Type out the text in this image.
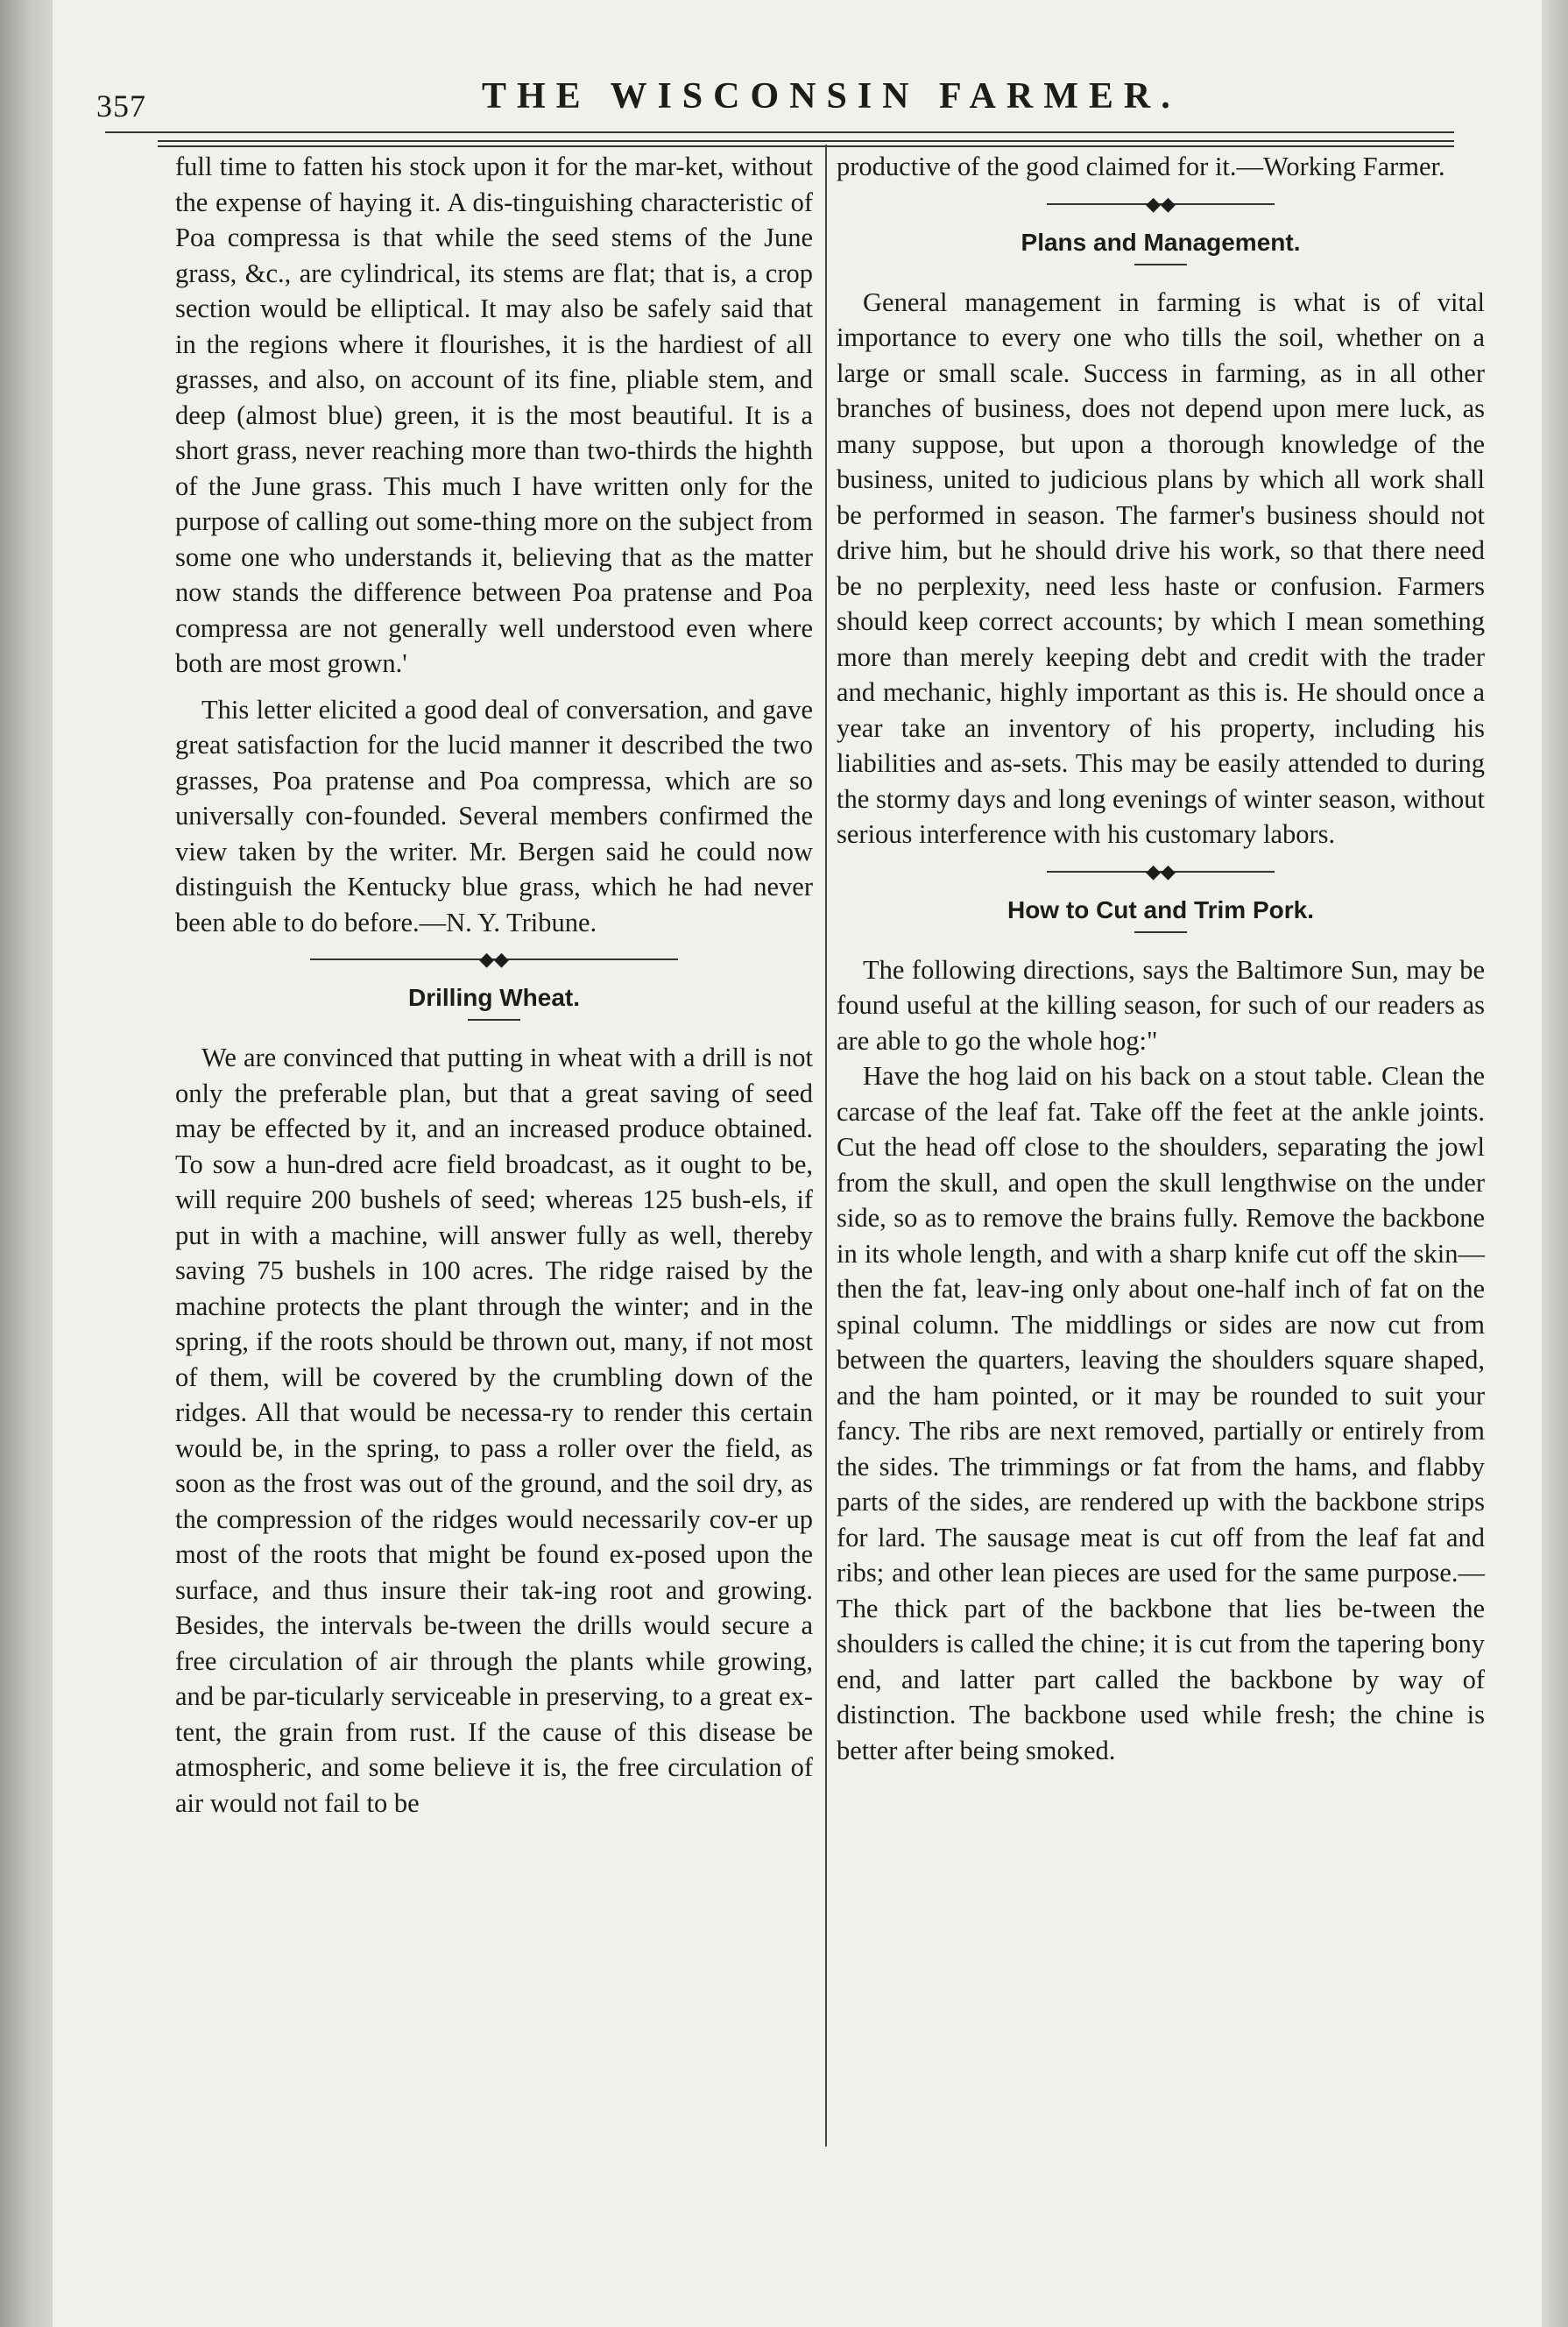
357	THE WISCONSIN FARMER.

full time to fatten his stock upon it for the mar-ket, without the expense of haying it. A dis-tinguishing characteristic of Poa compressa is that while the seed stems of the June grass, &c., are cylindrical, its stems are flat; that is, a crop section would be elliptical. It may also be safely said that in the regions where it flourishes, it is the hardiest of all grasses, and also, on account of its fine, pliable stem, and deep (almost blue) green, it is the most beautiful. It is a short grass, never reaching more than two-thirds the highth of the June grass. This much I have written only for the purpose of calling out some-thing more on the subject from some one who understands it, believing that as the matter now stands the difference between Poa pratense and Poa compressa are not generally well understood even where both are most grown.'

This letter elicited a good deal of conversation, and gave great satisfaction for the lucid manner it described the two grasses, Poa pratense and Poa compressa, which are so universally con-founded. Several members confirmed the view taken by the writer. Mr. Bergen said he could now distinguish the Kentucky blue grass, which he had never been able to do before.—N. Y. Tribune.

◆◆
Drilling Wheat.

We are convinced that putting in wheat with a drill is not only the preferable plan, but that a great saving of seed may be effected by it, and an increased produce obtained. To sow a hun-dred acre field broadcast, as it ought to be, will require 200 bushels of seed; whereas 125 bush-els, if put in with a machine, will answer fully as well, thereby saving 75 bushels in 100 acres. The ridge raised by the machine protects the plant through the winter; and in the spring, if the roots should be thrown out, many, if not most of them, will be covered by the crumbling down of the ridges. All that would be necessa-ry to render this certain would be, in the spring, to pass a roller over the field, as soon as the frost was out of the ground, and the soil dry, as the compression of the ridges would necessarily cov-er up most of the roots that might be found ex-posed upon the surface, and thus insure their tak-ing root and growing. Besides, the intervals be-tween the drills would secure a free circulation of air through the plants while growing, and be par-ticularly serviceable in preserving, to a great ex-tent, the grain from rust. If the cause of this disease be atmospheric, and some believe it is, the free circulation of air would not fail to be

productive of the good claimed for it.—Working Farmer.

◆◆
Plans and Management.

General management in farming is what is of vital importance to every one who tills the soil, whether on a large or small scale. Success in farming, as in all other branches of business, does not depend upon mere luck, as many suppose, but upon a thorough knowledge of the business, united to judicious plans by which all work shall be performed in season. The farmer's business should not drive him, but he should drive his work, so that there need be no perplexity, need less haste or confusion. Farmers should keep correct accounts; by which I mean something more than merely keeping debt and credit with the trader and mechanic, highly important as this is. He should once a year take an inventory of his property, including his liabilities and as-sets. This may be easily attended to during the stormy days and long evenings of winter season, without serious interference with his customary labors.

◆◆
How to Cut and Trim Pork.

The following directions, says the Baltimore Sun, may be found useful at the killing season, for such of our readers as are able to go the whole hog:"

Have the hog laid on his back on a stout table. Clean the carcase of the leaf fat. Take off the feet at the ankle joints. Cut the head off close to the shoulders, separating the jowl from the skull, and open the skull lengthwise on the under side, so as to remove the brains fully. Remove the backbone in its whole length, and with a sharp knife cut off the skin—then the fat, leav-ing only about one-half inch of fat on the spinal column. The middlings or sides are now cut from between the quarters, leaving the shoulders square shaped, and the ham pointed, or it may be rounded to suit your fancy. The ribs are next removed, partially or entirely from the sides. The trimmings or fat from the hams, and flabby parts of the sides, are rendered up with the backbone strips for lard. The sausage meat is cut off from the leaf fat and ribs; and other lean pieces are used for the same purpose.—The thick part of the backbone that lies be-tween the shoulders is called the chine; it is cut from the tapering bony end, and latter part called the backbone by way of distinction. The backbone used while fresh; the chine is better after being smoked.
